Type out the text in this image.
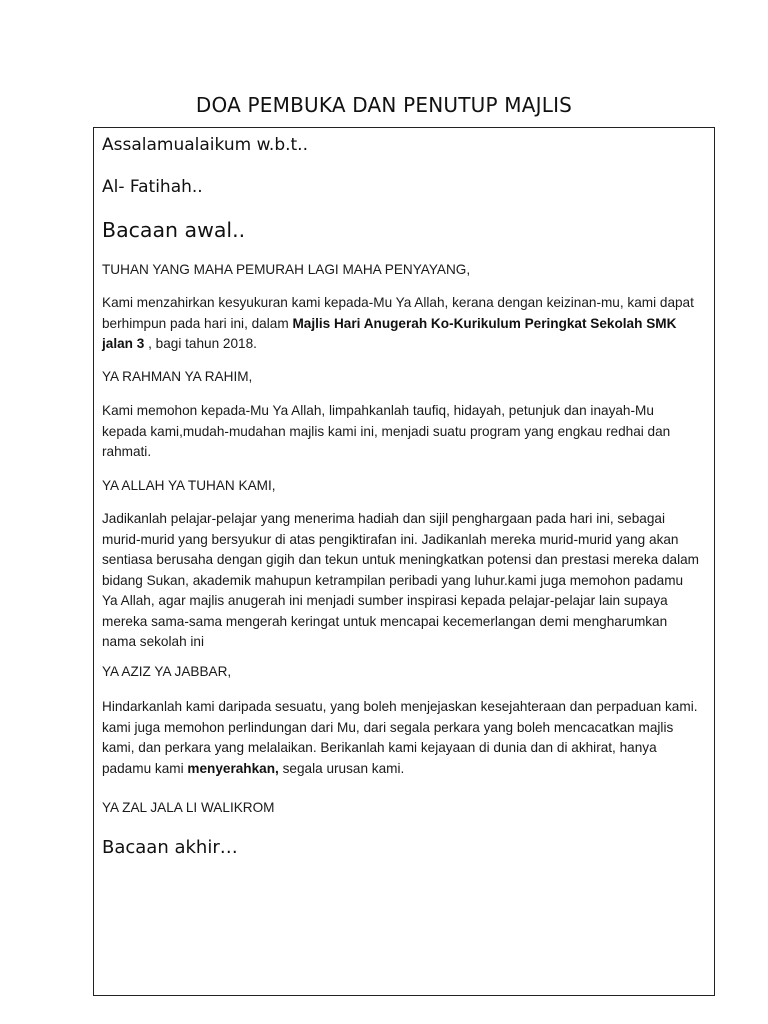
DOA PEMBUKA DAN PENUTUP MAJLIS

Assalamualaikum w.b.t..

Al- Fatihah..

Bacaan awal..

TUHAN YANG MAHA PEMURAH LAGI MAHA PENYAYANG,

Kami menzahirkan kesyukuran kami kepada-Mu Ya Allah, kerana dengan keizinan-mu, kami dapat berhimpun pada hari ini, dalam Majlis Hari Anugerah Ko-Kurikulum Peringkat Sekolah SMK jalan 3 , bagi tahun 2018.

YA RAHMAN YA RAHIM,

Kami memohon kepada-Mu Ya Allah, limpahkanlah taufiq, hidayah, petunjuk dan inayah-Mu kepada kami,mudah-mudahan majlis kami ini, menjadi suatu program yang engkau redhai dan rahmati.

YA ALLAH YA TUHAN KAMI,

Jadikanlah pelajar-pelajar yang menerima hadiah dan sijil penghargaan pada hari ini, sebagai murid-murid yang bersyukur di atas pengiktirafan ini. Jadikanlah mereka murid-murid yang akan sentiasa berusaha dengan gigih dan tekun untuk meningkatkan potensi dan prestasi mereka dalam bidang Sukan, akademik mahupun ketrampilan peribadi yang luhur.kami juga memohon padamu Ya Allah, agar majlis anugerah ini menjadi sumber inspirasi kepada pelajar-pelajar lain supaya mereka sama-sama mengerah keringat untuk mencapai kecemerlangan demi mengharumkan nama sekolah ini

YA AZIZ YA JABBAR,

Hindarkanlah kami daripada sesuatu, yang boleh menjejaskan kesejahteraan dan perpaduan kami. kami juga memohon perlindungan dari Mu, dari segala perkara yang boleh mencacatkan majlis kami, dan perkara yang melalaikan. Berikanlah kami kejayaan di dunia dan di akhirat, hanya padamu kami menyerahkan, segala urusan kami.

YA ZAL JALA LI WALIKROM

Bacaan akhir…
